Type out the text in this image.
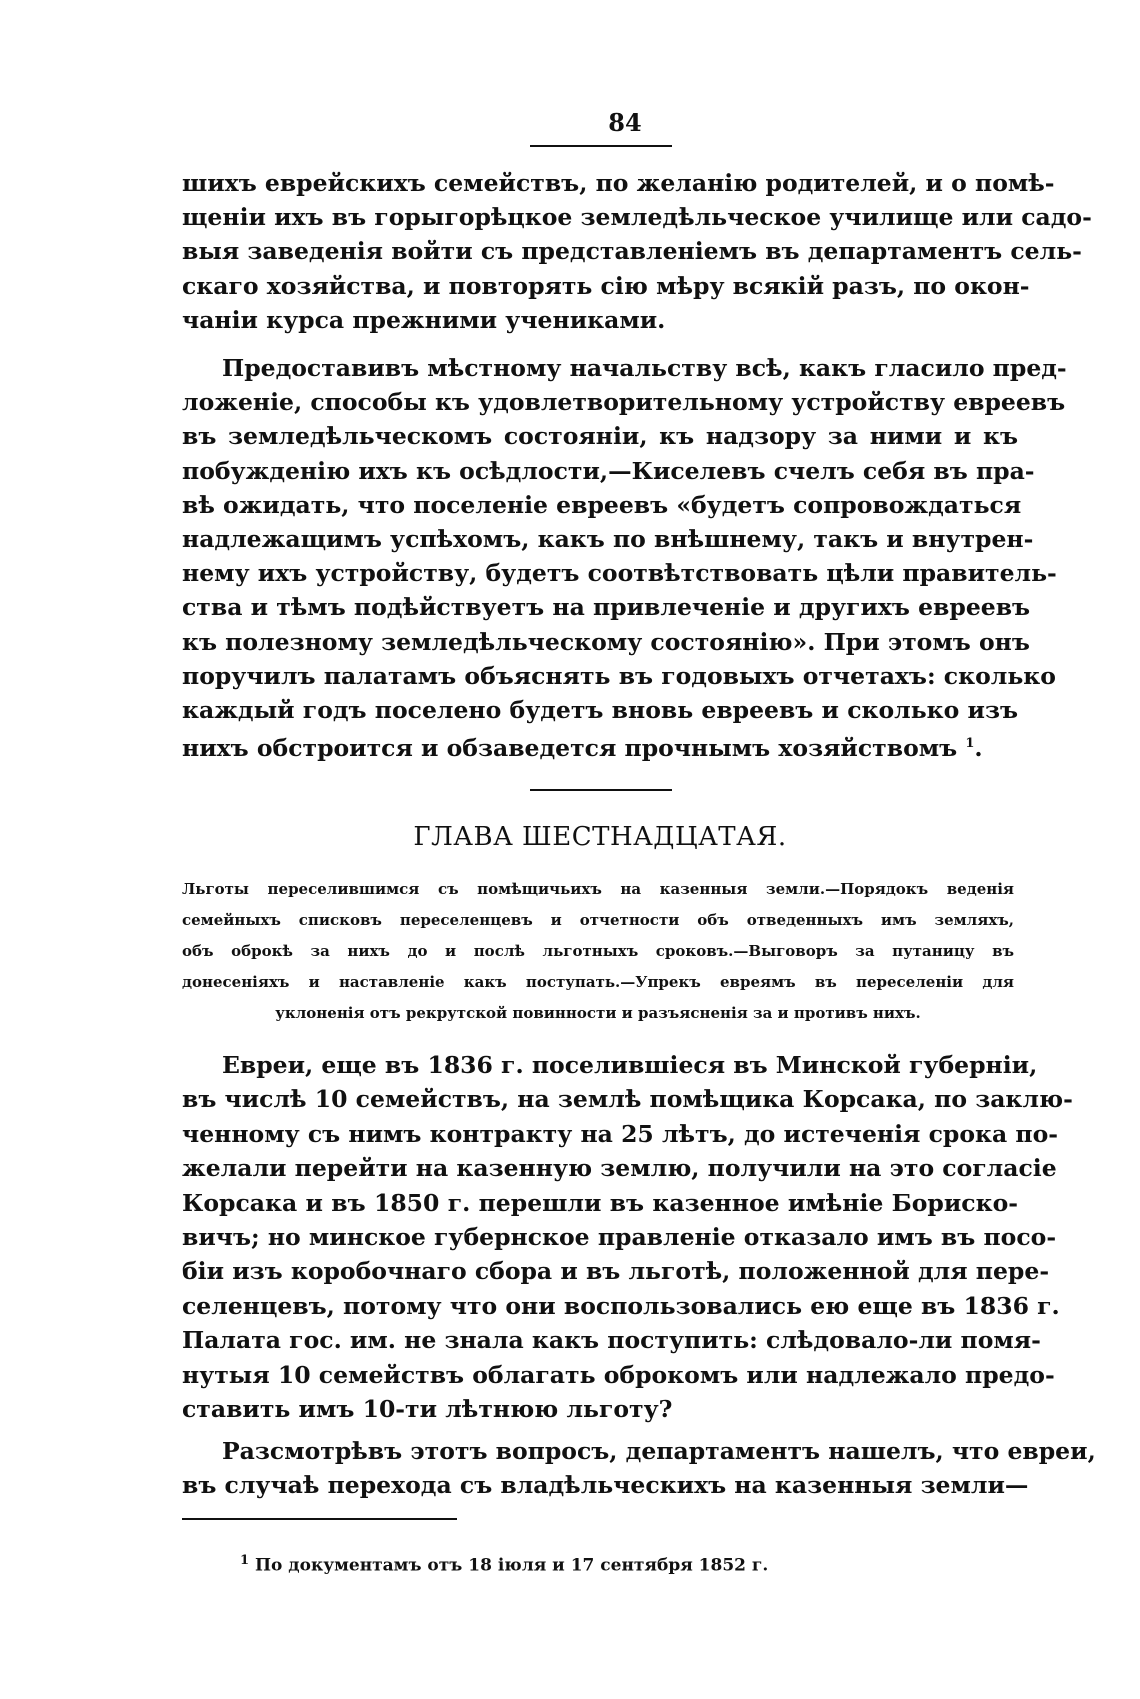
84
шихъ еврейскихъ семействъ, по желанію родителей, и о помѣ-
щеніи ихъ въ горыгорѣцкое земледѣльческое училище или садо-
выя заведенія войти съ представленіемъ въ департаментъ сель-
скаго хозяйства, и повторять сію мѣру всякій разъ, по окон-
чаніи курса прежними учениками.
Предоставивъ мѣстному начальству всѣ, какъ гласило пред-
ложеніе, способы къ удовлетворительному устройству евреевъ
въ земледѣльческомъ состояніи, къ надзору за ними и къ
побужденію ихъ къ осѣдлости,—Киселевъ счелъ себя въ пра-
вѣ ожидать, что поселеніе евреевъ «будетъ сопровождаться
надлежащимъ успѣхомъ, какъ по внѣшнему, такъ и внутрен-
нему ихъ устройству, будетъ соотвѣтствовать цѣли правитель-
ства и тѣмъ подѣйствуетъ на привлеченіе и другихъ евреевъ
къ полезному земледѣльческому состоянію». При этомъ онъ
поручилъ палатамъ объяснять въ годовыхъ отчетахъ: сколько
каждый годъ поселено будетъ вновь евреевъ и сколько изъ
нихъ обстроится и обзаведется прочнымъ хозяйствомъ $^1$.
ГЛАВА ШЕСТНАДЦАТАЯ.
Льготы переселившимся съ помѣщичьихъ на казенныя земли.—Порядокъ веденія
семейныхъ списковъ переселенцевъ и отчетности объ отведенныхъ имъ земляхъ,
объ оброкѣ за нихъ до и послѣ льготныхъ сроковъ.—Выговоръ за путаницу въ
донесеніяхъ и наставленіе какъ поступать.—Упрекъ евреямъ въ переселеніи для
уклоненія отъ рекрутской повинности и разъясненія за и противъ нихъ.
Евреи, еще въ 1836 г. поселившіеся въ Минской губерніи,
въ числѣ 10 семействъ, на землѣ помѣщика Корсака, по заклю-
ченному съ нимъ контракту на 25 лѣтъ, до истеченія срока по-
желали перейти на казенную землю, получили на это согласіе
Корсака и въ 1850 г. перешли въ казенное имѣніе Бориско-
вичъ; но минское губернское правленіе отказало имъ въ посо-
біи изъ коробочнаго сбора и въ льготѣ, положенной для пере-
селенцевъ, потому что они воспользовались ею еще въ 1836 г.
Палата гос. им. не знала какъ поступить: слѣдовало-ли помя-
нутыя 10 семействъ облагать оброкомъ или надлежало предо-
ставить имъ 10-ти лѣтнюю льготу?
Разсмотрѣвъ этотъ вопросъ, департаментъ нашелъ, что евреи,
въ случаѣ перехода съ владѣльческихъ на казенныя земли—
$^1$ По документамъ отъ 18 іюля и 17 сентября 1852 г.
